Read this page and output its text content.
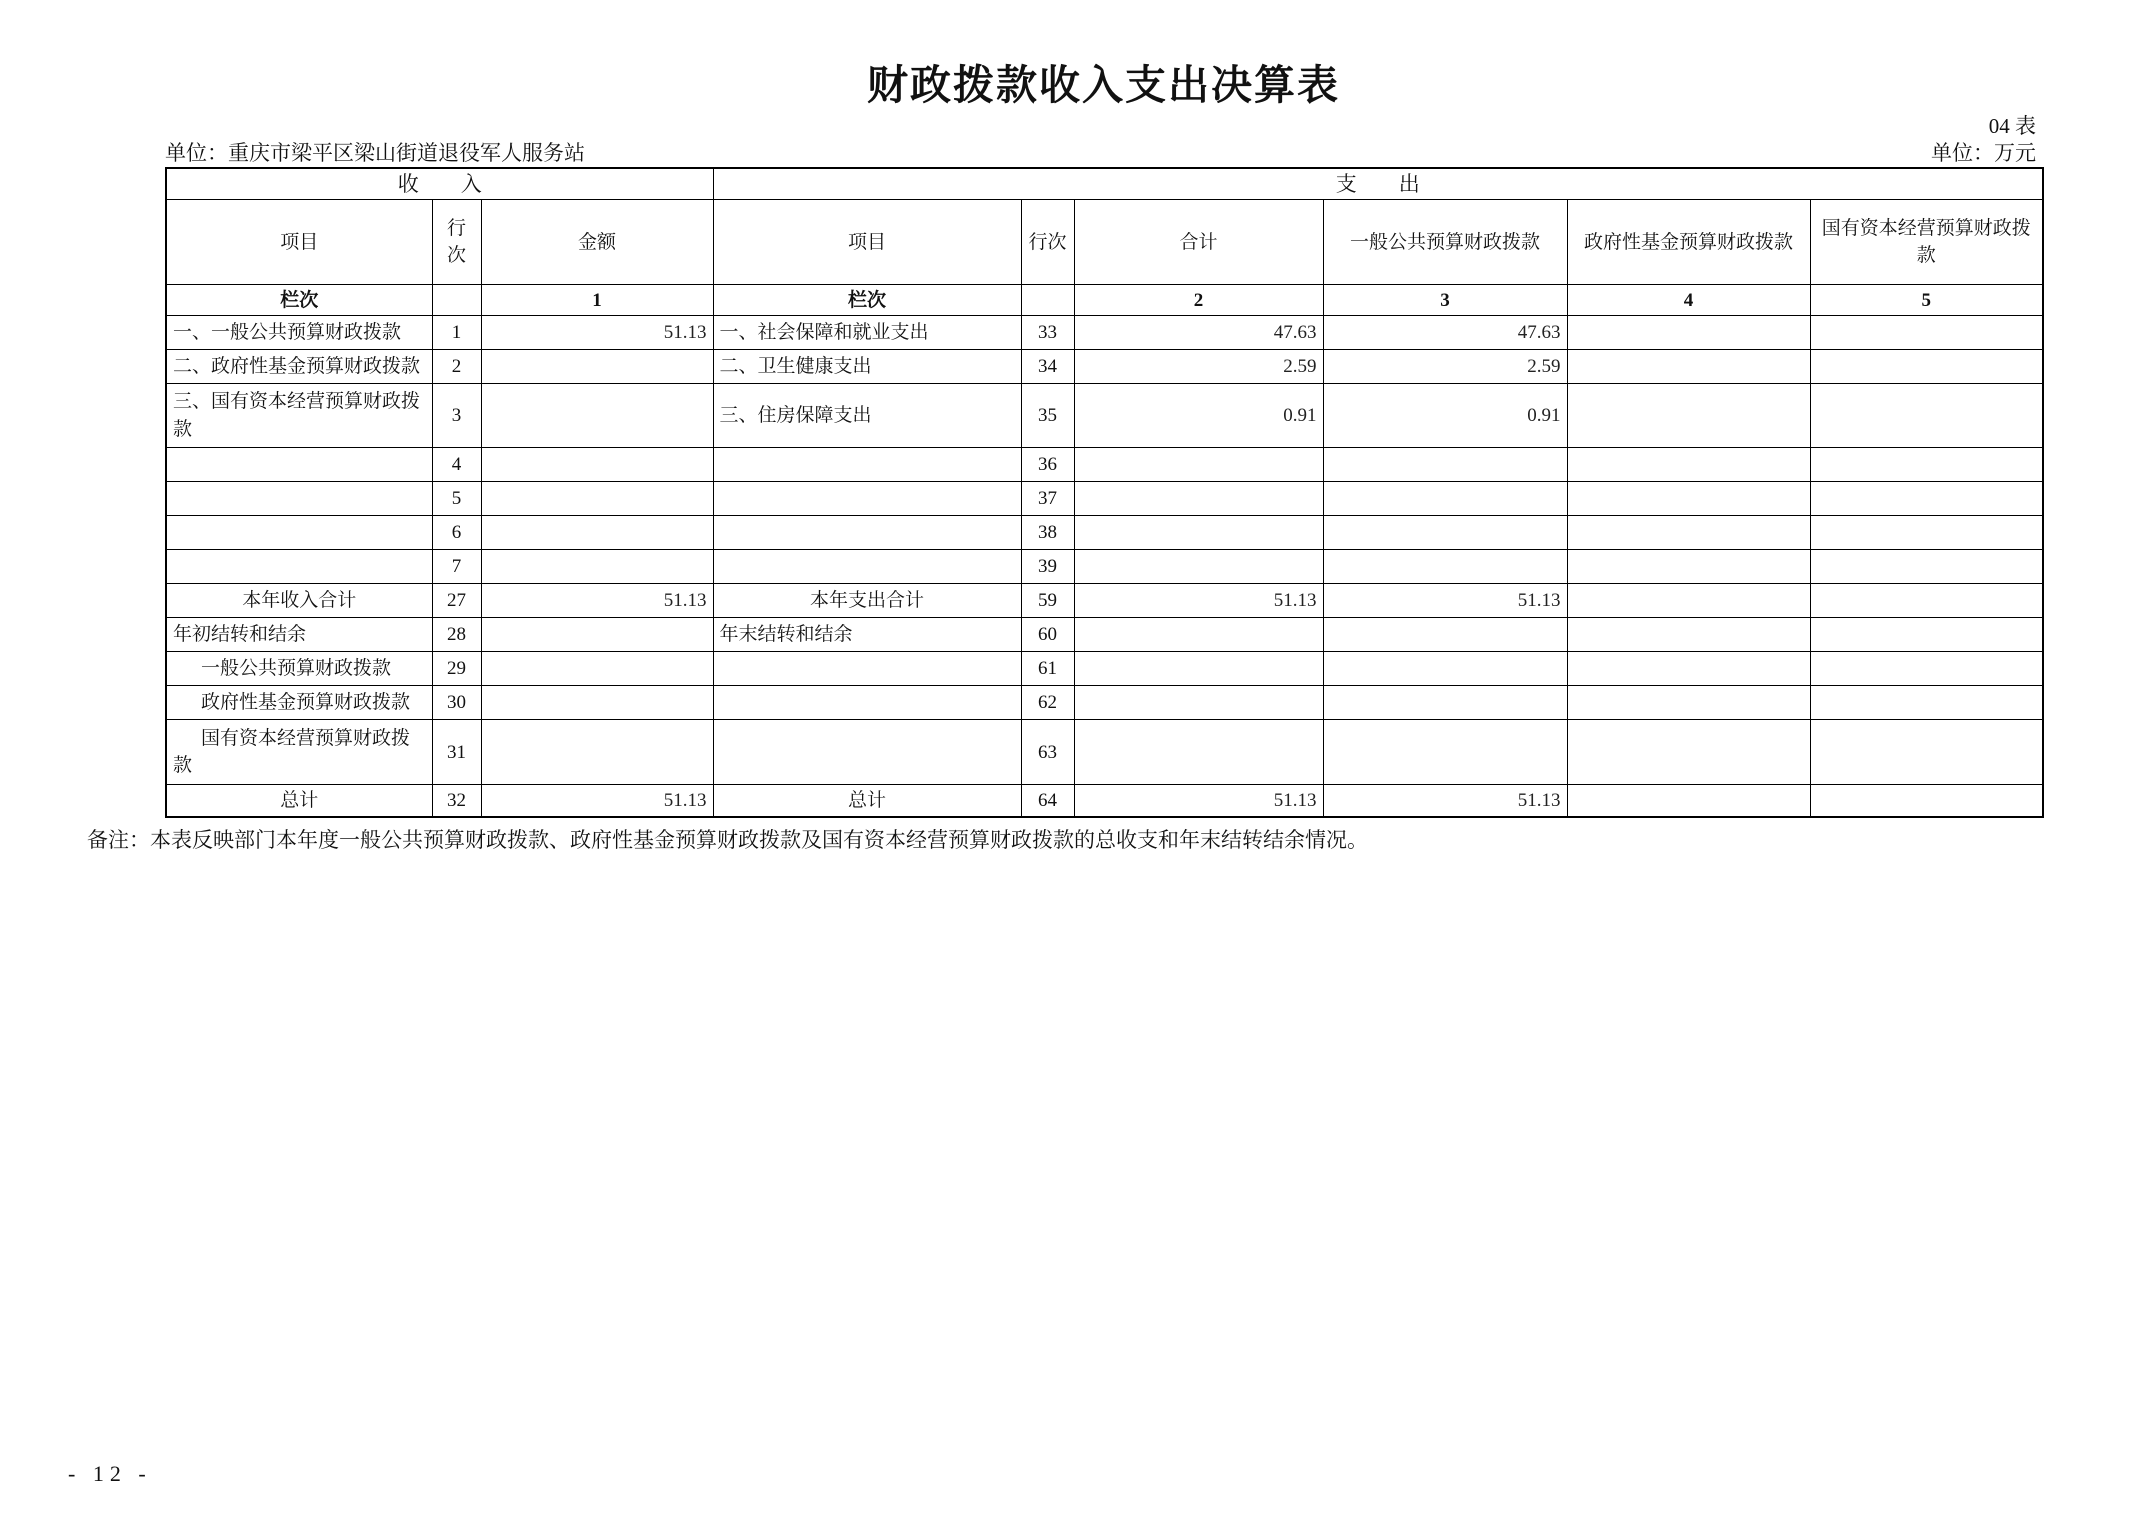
财政拨款收入支出决算表
04 表
单位：重庆市梁平区梁山街道退役军人服务站	单位：万元
收　　入			支　　出					
项目	行次	金额	项目	行次	合计	一般公共预算财政拨款	政府性基金预算财政拨款	国有资本经营预算财政拨款
栏次		1	栏次		2	3	4	5
一、一般公共预算财政拨款	1	51.13	一、社会保障和就业支出	33	47.63	47.63		
二、政府性基金预算财政拨款	2		二、卫生健康支出	34	2.59	2.59		
三、国有资本经营预算财政拨款	3		三、住房保障支出	35	0.91	0.91		
	4			36				
	5			37				
	6			38				
	7			39				
本年收入合计	27	51.13	本年支出合计	59	51.13	51.13		
年初结转和结余	28		年末结转和结余	60				
一般公共预算财政拨款	29			61				
政府性基金预算财政拨款	30			62				
国有资本经营预算财政拨款	31			63				
总计	32	51.13	总计	64	51.13	51.13		
备注：本表反映部门本年度一般公共预算财政拨款、政府性基金预算财政拨款及国有资本经营预算财政拨款的总收支和年末结转结余情况。
- 12 -
